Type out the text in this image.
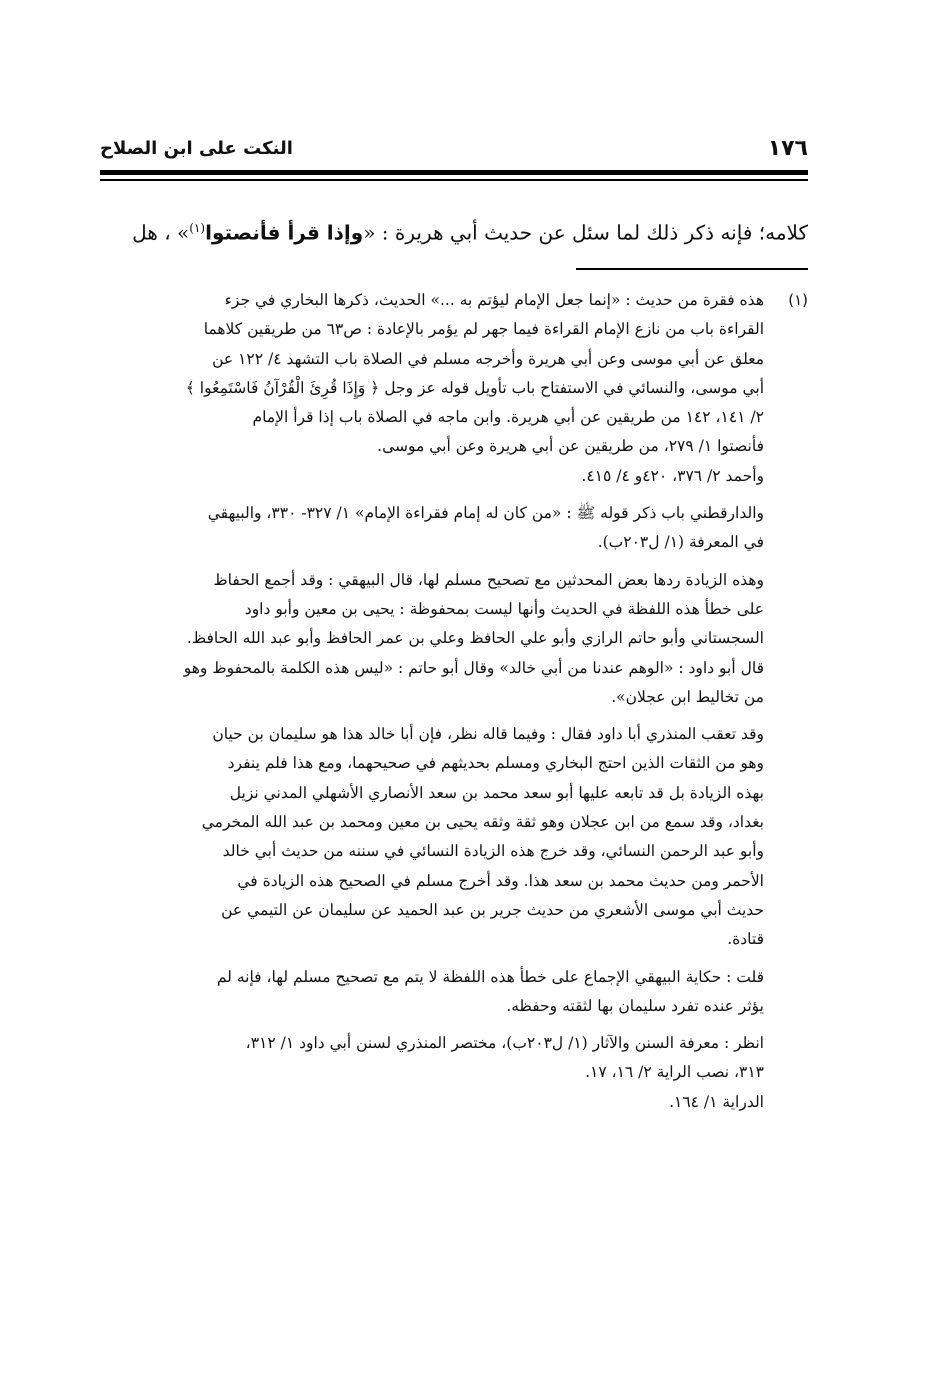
١٧٦
النكت على ابن الصلاح
كلامه؛ فإنه ذكر ذلك لما سئل عن حديث أبي هريرة : «وإذا قرأ فأنصتوا$^{(١)}$» ، هل
(١)هذه فقرة من حديث : «إنما جعل الإمام ليؤتم به ...» الحديث، ذكرها البخاري في جزء
القراءة باب من نازع الإمام القراءة فيما جهر لم يؤمر بالإعادة : ص٦٣ من طريقين كلاهما
معلق عن أبي موسى وعن أبي هريرة وأخرجه مسلم في الصلاة باب التشهد ٤/ ١٢٢ عن
أبي موسى، والنسائي في الاستفتاح باب تأويل قوله عز وجل ﴿ وَإِذَا قُرِئَ الْقُرْآنُ فَاسْتَمِعُوا ﴾
٢/ ١٤١، ١٤٢ من طريقين عن أبي هريرة. وابن ماجه في الصلاة باب إذا قرأ الإمام
فأنصتوا ١/ ٢٧٩، من طريقين عن أبي هريرة وعن أبي موسى.
وأحمد ٢/ ٣٧٦، ٤٢٠و ٤/ ٤١٥.
والدارقطني باب ذكر قوله ﷺ : «من كان له إمام فقراءة الإمام» ١/ ٣٢٧- ٣٣٠، والبيهقي
في المعرفة (١/ ل٢٠٣ب).
وهذه الزيادة ردها بعض المحدثين مع تصحيح مسلم لها، قال البيهقي : وقد أجمع الحفاظ
على خطأ هذه اللفظة في الحديث وأنها ليست بمحفوظة : يحيى بن معين وأبو داود
السجستاني وأبو حاتم الرازي وأبو علي الحافظ وعلي بن عمر الحافظ وأبو عبد الله الحافظ.
قال أبو داود : «الوهم عندنا من أبي خالد» وقال أبو حاتم : «ليس هذه الكلمة بالمحفوظ وهو
من تخاليط ابن عجلان».
وقد تعقب المنذري أبا داود فقال : وفيما قاله نظر، فإن أبا خالد هذا هو سليمان بن حيان
وهو من الثقات الذين احتج البخاري ومسلم بحديثهم في صحيحهما، ومع هذا فلم ينفرد
بهذه الزيادة بل قد تابعه عليها أبو سعد محمد بن سعد الأنصاري الأشهلي المدني نزيل
بغداد، وقد سمع من ابن عجلان وهو ثقة وثقه يحيى بن معين ومحمد بن عبد الله المخرمي
وأبو عبد الرحمن النسائي، وقد خرج هذه الزيادة النسائي في سننه من حديث أبي خالد
الأحمر ومن حديث محمد بن سعد هذا. وقد أخرج مسلم في الصحيح هذه الزيادة في
حديث أبي موسى الأشعري من حديث جرير بن عبد الحميد عن سليمان عن التيمي عن
قتادة.
قلت : حكاية البيهقي الإجماع على خطأ هذه اللفظة لا يتم مع تصحيح مسلم لها، فإنه لم
يؤثر عنده تفرد سليمان بها لثقته وحفظه.
انظر : معرفة السنن والآثار (١/ ل٢٠٣ب)، مختصر المنذري لسنن أبي داود ١/ ٣١٢،
٣١٣، نصب الراية ٢/ ١٦، ١٧.
الدراية ١/ ١٦٤.
